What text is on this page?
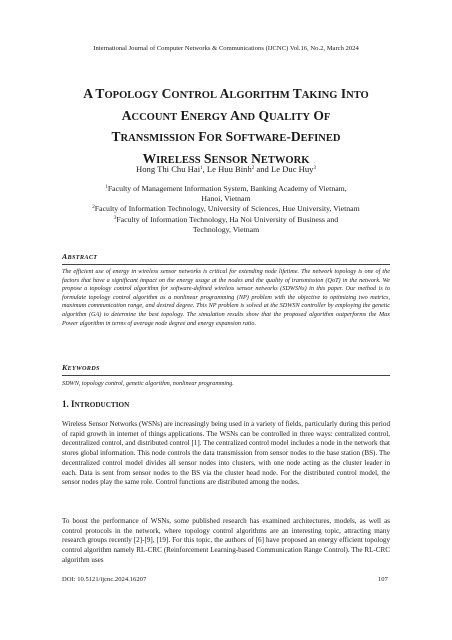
International Journal of Computer Networks & Communications (IJCNC) Vol.16, No.2, March 2024
A TOPOLOGY CONTROL ALGORITHM TAKING INTO
ACCOUNT ENERGY AND QUALITY OF
TRANSMISSION FOR SOFTWARE-DEFINED
WIRELESS SENSOR NETWORK
Hong Thi Chu Hai$^1$, Le Huu Binh$^2$ and Le Duc Huy$^3$
$^1$Faculty of Management Information System, Banking Academy of Vietnam,
Hanoi, Vietnam
$^2$Faculty of Information Technology, University of Sciences, Hue University, Vietnam
$^3$Faculty of Information Technology, Ha Noi University of Business and
Technology, Vietnam
ABSTRACT

The efficient use of energy in wireless sensor networks is critical for extending node lifetime. The network topology is one of the factors that have a significant impact on the energy usage at the nodes and the quality of transmission (QoT) in the network. We propose a topology control algorithm for software-defined wireless sensor networks (SDWSNs) in this paper. Our method is to formulate topology control algorithm as a nonlinear programming (NP) problem with the objective to optimizing two metrics, maximum communication range, and desired degree. This NP problem is solved at the SDWSN controller by employing the genetic algorithm (GA) to determine the best topology. The simulation results show that the proposed algorithm outperforms the Max Power algorithm in terms of average node degree and energy expansion ratio.

KEYWORDS

SDWN, topology control, genetic algorithm, nonlinear programming.

1. INTRODUCTION

Wireless Sensor Networks (WSNs) are increasingly being used in a variety of fields, particularly during this period of rapid growth in internet of things applications. The WSNs can be controlled in three ways: centralized control, decentralized control, and distributed control [1]. The centralized control model includes a node in the network that stores global information. This node controls the data transmission from sensor nodes to the base station (BS). The decentralized control model divides all sensor nodes into clusters, with one node acting as the cluster leader in each. Data is sent from sensor nodes to the BS via the cluster head node. For the distributed control model, the sensor nodes play the same role. Control functions are distributed among the nodes.

To boost the performance of WSNs, some published research has examined architectures, models, as well as control protocols in the network, where topology control algorithms are an interesting topic, attracting many research groups recently [2]-[9], [19]. For this topic, the authors of [6] have proposed an energy efficient topology control algorithm namely RL-CRC (Reinforcement Learning-based Communication Range Control). The RL-CRC algorithm uses

DOI: 10.5121/ijcnc.2024.16207	107
